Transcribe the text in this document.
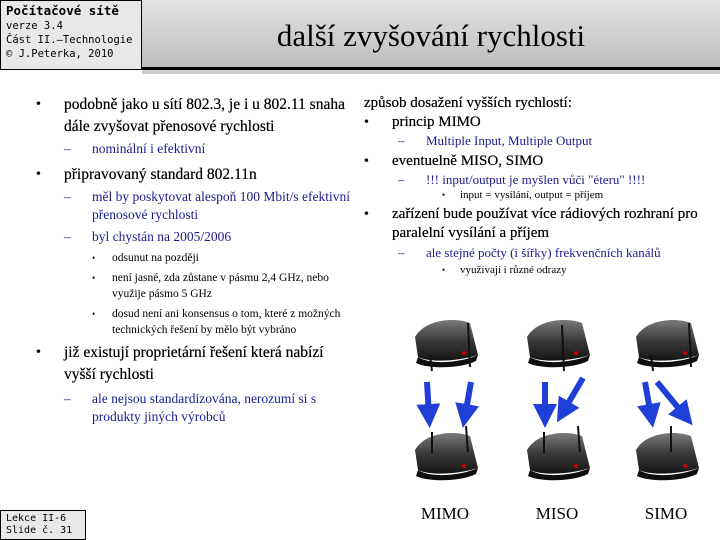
Počítačové sítě
verze 3.4
Část II.–Technologie
© J.Peterka, 2010
další zvyšování rychlosti
• podobně jako u sítí 802.3, je i u 802.11 snaha dále zvyšovat přenosové rychlosti
– nominální i efektivní
• připravovaný standard 802.11n
– měl by poskytovat alespoň 100 Mbit/s efektivní přenosové rychlosti
– byl chystán na 2005/2006
• odsunut na později
• není jasné, zda zůstane v pásmu 2,4 GHz, nebo využije pásmo 5 GHz
• dosud není ani konsensus o tom, které z možných technických řešení by mělo být vybráno
• již existují proprietární řešení která nabízí vyšší rychlosti
– ale nejsou standardizována, nerozumí si s produkty jiných výrobců
způsob dosažení vyšších rychlostí:
• princip MIMO
– Multiple Input, Multiple Output
• eventuelně MISO, SIMO
– !!! input/output je myšlen vůči "éteru" !!!!
• input = vysílání, output = příjem
• zařízení bude používat více rádiových rozhraní pro paralelní vysílání a příjem
– ale stejné počty (i šířky) frekvenčních kanálů
• využívají i různé odrazy
MIMO	MISO	SIMO
Lekce II-6
Slide č. 31
